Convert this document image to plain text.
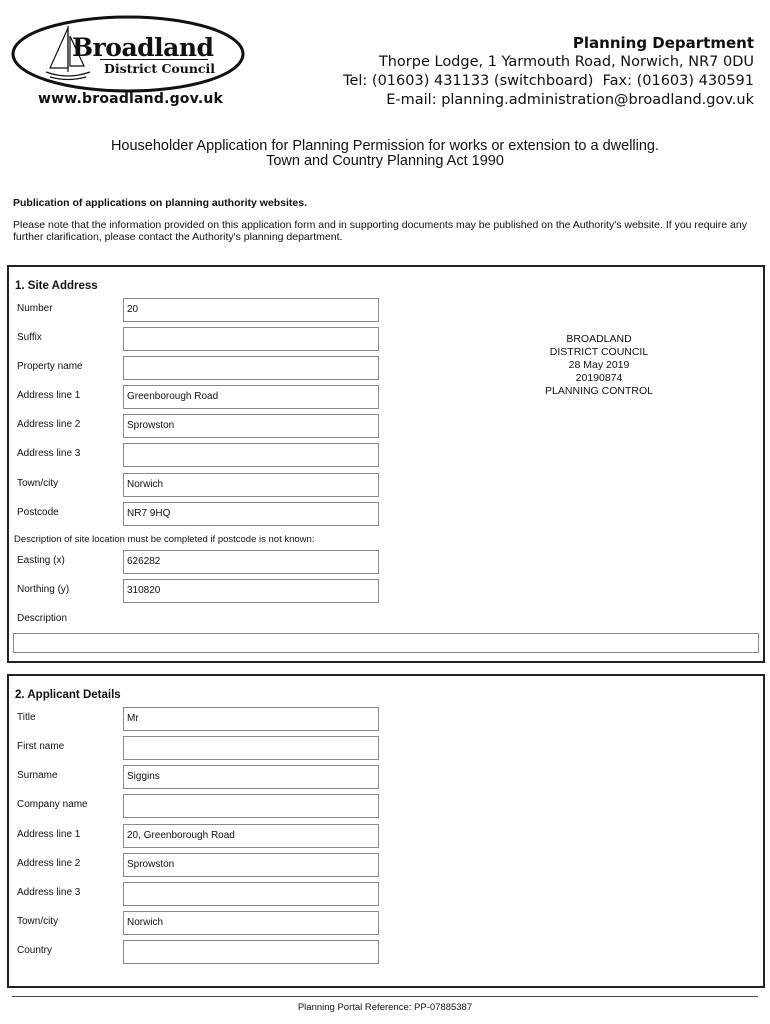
Broadland
District Council
www.broadland.gov.uk
Planning Department
Thorpe Lodge, 1 Yarmouth Road, Norwich, NR7 0DU
Tel: (01603) 431133 (switchboard)  Fax: (01603) 430591
E-mail: planning.administration@broadland.gov.uk
Householder Application for Planning Permission for works or extension to a dwelling.
Town and Country Planning Act 1990
Publication of applications on planning authority websites.
Please note that the information provided on this application form and in supporting documents may be published on the Authority's website. If you require any further clarification, please contact the Authority's planning department.
1. Site Address
Number	20
Suffix
Property name
Address line 1	Greenborough Road
Address line 2	Sprowston
Address line 3
Town/city	Norwich
Postcode	NR7 9HQ
Description of site location must be completed if postcode is not known:
Easting (x)	626282
Northing (y)	310820
Description
BROADLAND
DISTRICT COUNCIL
28 May 2019
20190874
PLANNING CONTROL
2. Applicant Details
Title	Mr
First name
Surname	Siggins
Company name
Address line 1	20, Greenborough Road
Address line 2	Sprowston
Address line 3
Town/city	Norwich
Country
Planning Portal Reference: PP-07885387
